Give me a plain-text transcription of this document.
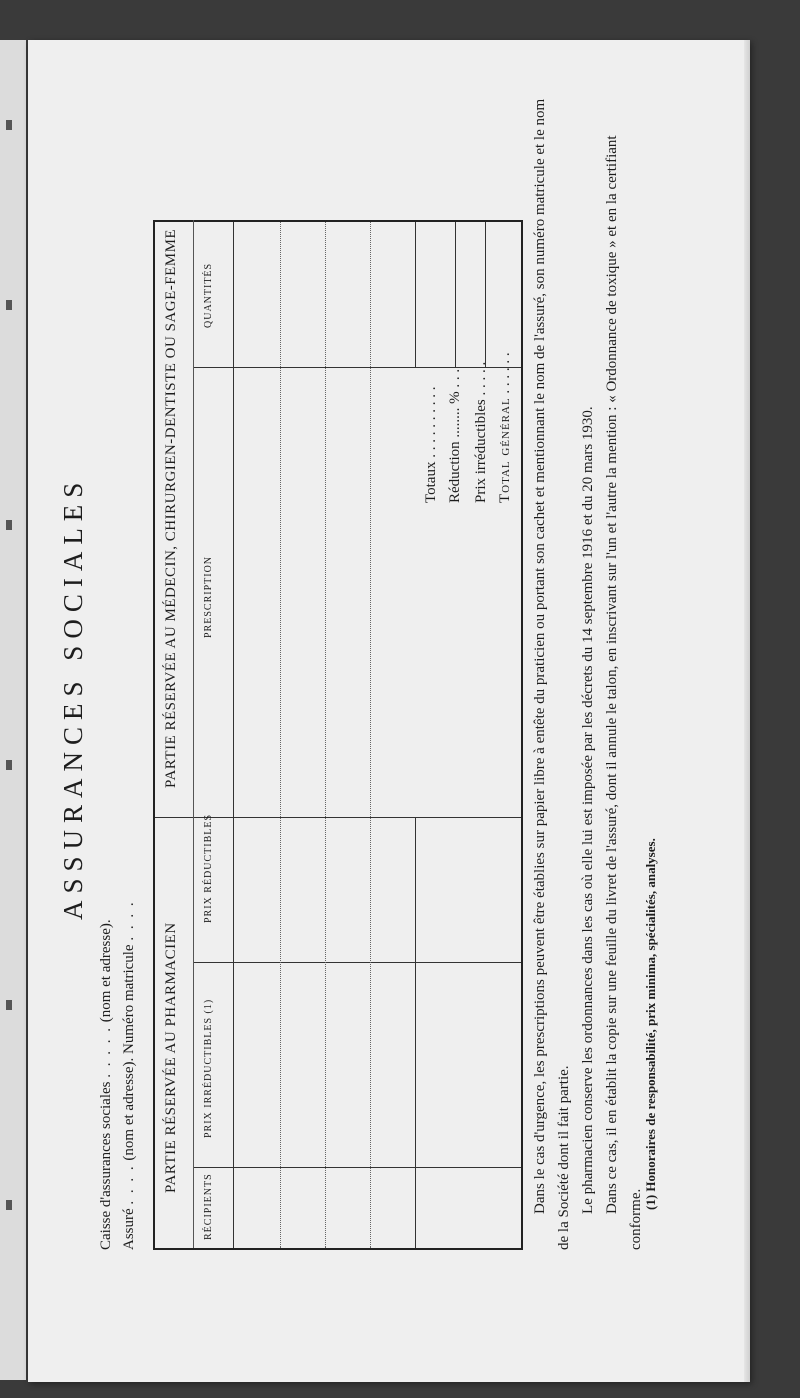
ASSURANCES SOCIALES
Caisse d'assurances sociales . . . . . (nom et adresse).
Assuré . . . . (nom et adresse). Numéro matricule . . . .
PARTIE RÉSERVÉE AU PHARMACIEN
PARTIE RÉSERVÉE AU MÉDECIN, CHIRURGIEN-DENTISTE OU SAGE-FEMME
RÉCIPIENTS
PRIX IRRÉDUCTIBLES (1)
PRIX RÉDUCTIBLES
PRESCRIPTION
QUANTITÉS
Totaux . . . . . . . . . .
Réduction ........ % . . .
Prix irréductibles . . . . .
Total général . . . . . . Dans le cas d'urgence, les prescriptions peuvent être établies sur papier libre à entête du praticien ou portant son cachet et mentionnant le nom de l'assuré, son numéro matricule et le nom de la Société dont il fait partie. Le pharmacien conserve les ordonnances dans les cas où elle lui est imposée par les décrets du 14 septembre 1916 et du 20 mars 1930. Dans ce cas, il en établit la copie sur une feuille du livret de l'assuré, dont il annule le talon, en inscrivant sur l'un et l'autre la mention : « Ordonnance de toxique » et en la certifiant conforme.

(1) Honoraires de responsabilité, prix minima, spécialités, analyses.
